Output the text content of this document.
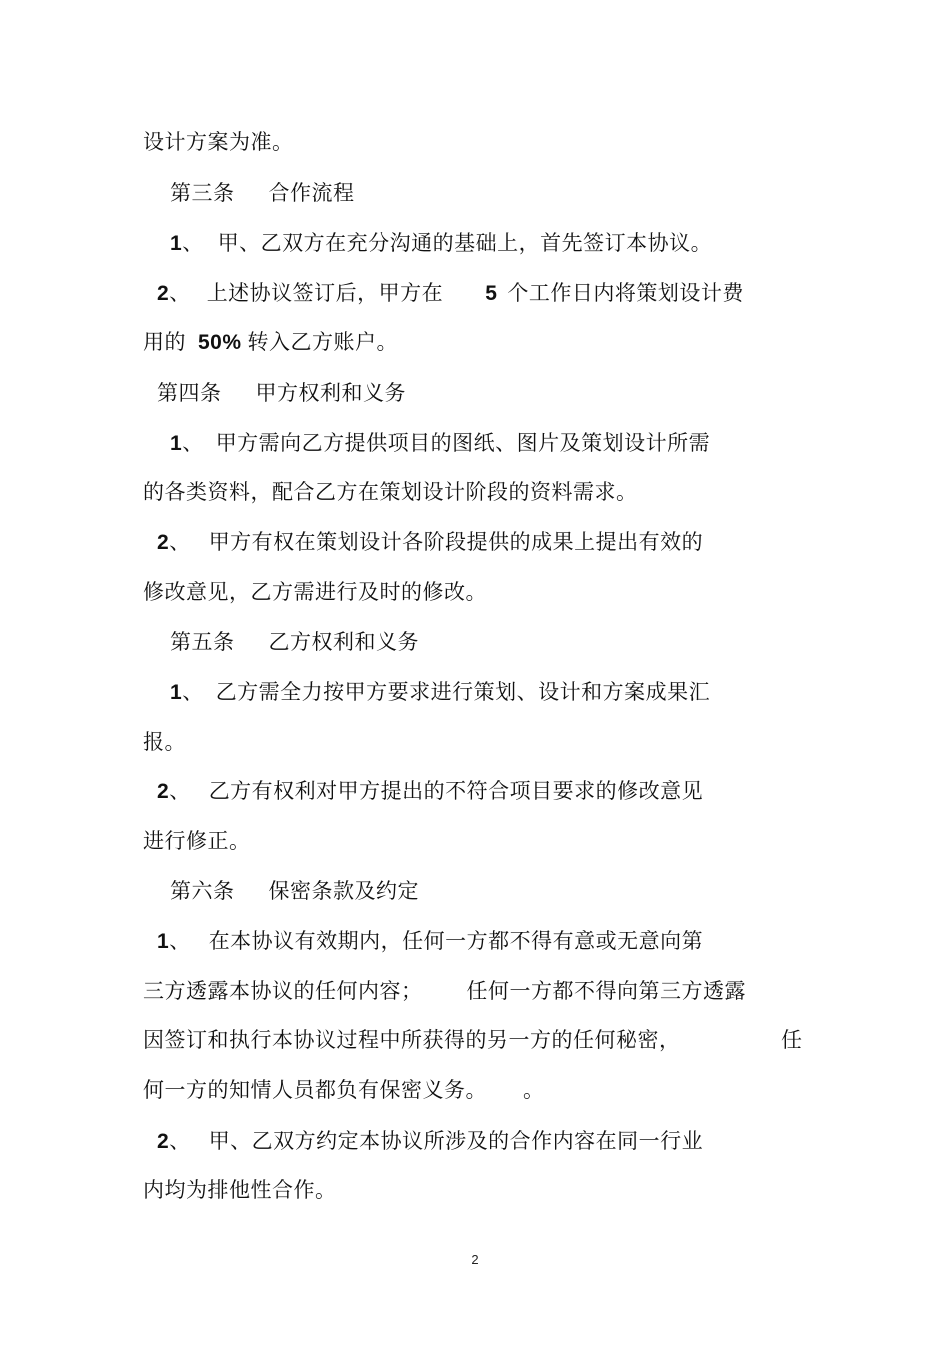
设计方案为准。
第三条 合作流程
1、 甲、乙双方在充分沟通的基础上，首先签订本协议。
2、 上述协议签订后，甲方在 5 个工作日内将策划设计费
用的 50% 转入乙方账户。
第四条 甲方权利和义务
1、 甲方需向乙方提供项目的图纸、图片及策划设计所需
的各类资料，配合乙方在策划设计阶段的资料需求。
2、 甲方有权在策划设计各阶段提供的成果上提出有效的
修改意见，乙方需进行及时的修改。
第五条 乙方权利和义务
1、 乙方需全力按甲方要求进行策划、设计和方案成果汇
报。
2、 乙方有权利对甲方提出的不符合项目要求的修改意见
进行修正。
第六条 保密条款及约定
1、 在本协议有效期内，任何一方都不得有意或无意向第
三方透露本协议的任何内容； 任何一方都不得向第三方透露
因签订和执行本协议过程中所获得的另一方的任何秘密，	任
何一方的知情人员都负有保密义务。 。
2、 甲、乙双方约定本协议所涉及的合作内容在同一行业
内均为排他性合作。
2
